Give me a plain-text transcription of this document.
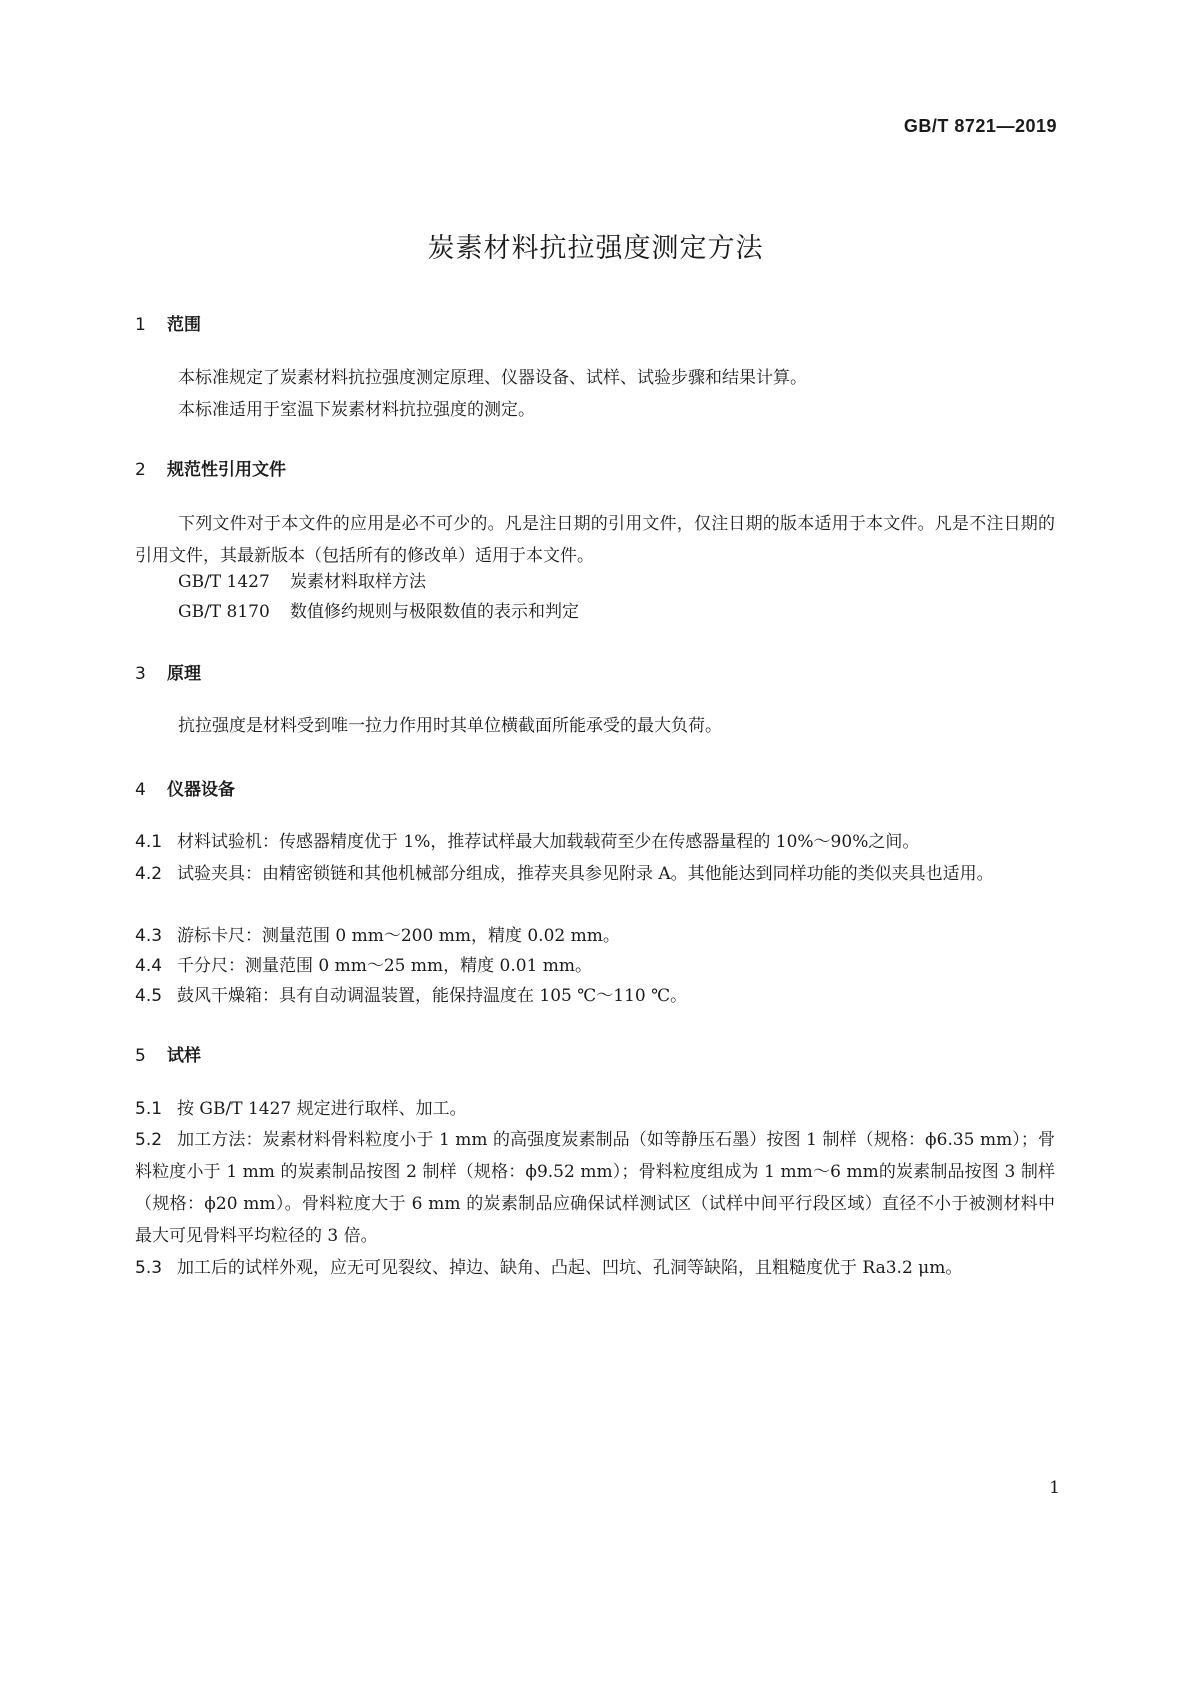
GB/T 8721—2019
炭素材料抗拉强度测定方法
1 范围
本标准规定了炭素材料抗拉强度测定原理、仪器设备、试样、试验步骤和结果计算。
本标准适用于室温下炭素材料抗拉强度的测定。
2 规范性引用文件
下列文件对于本文件的应用是必不可少的。凡是注日期的引用文件，仅注日期的版本适用于本文件。凡是不注日期的引用文件，其最新版本（包括所有的修改单）适用于本文件。
GB/T 1427 炭素材料取样方法
GB/T 8170 数值修约规则与极限数值的表示和判定
3 原理
抗拉强度是材料受到唯一拉力作用时其单位横截面所能承受的最大负荷。
4 仪器设备
4.1 材料试验机：传感器精度优于 1%，推荐试样最大加载载荷至少在传感器量程的 10%～90%之间。
4.2 试验夹具：由精密锁链和其他机械部分组成，推荐夹具参见附录 A。其他能达到同样功能的类似夹具也适用。
4.3 游标卡尺：测量范围 0 mm～200 mm，精度 0.02 mm。
4.4 千分尺：测量范围 0 mm～25 mm，精度 0.01 mm。
4.5 鼓风干燥箱：具有自动调温装置，能保持温度在 105 ℃～110 ℃。
5 试样
5.1 按 GB/T 1427 规定进行取样、加工。
5.2 加工方法：炭素材料骨料粒度小于 1 mm 的高强度炭素制品（如等静压石墨）按图 1 制样（规格：ϕ6.35 mm）；骨料粒度小于 1 mm 的炭素制品按图 2 制样（规格：ϕ9.52 mm）；骨料粒度组成为 1 mm～6 mm的炭素制品按图 3 制样（规格：ϕ20 mm）。骨料粒度大于 6 mm 的炭素制品应确保试样测试区（试样中间平行段区域）直径不小于被测材料中最大可见骨料平均粒径的 3 倍。
5.3 加工后的试样外观，应无可见裂纹、掉边、缺角、凸起、凹坑、孔洞等缺陷，且粗糙度优于 Ra3.2 μm。
1
